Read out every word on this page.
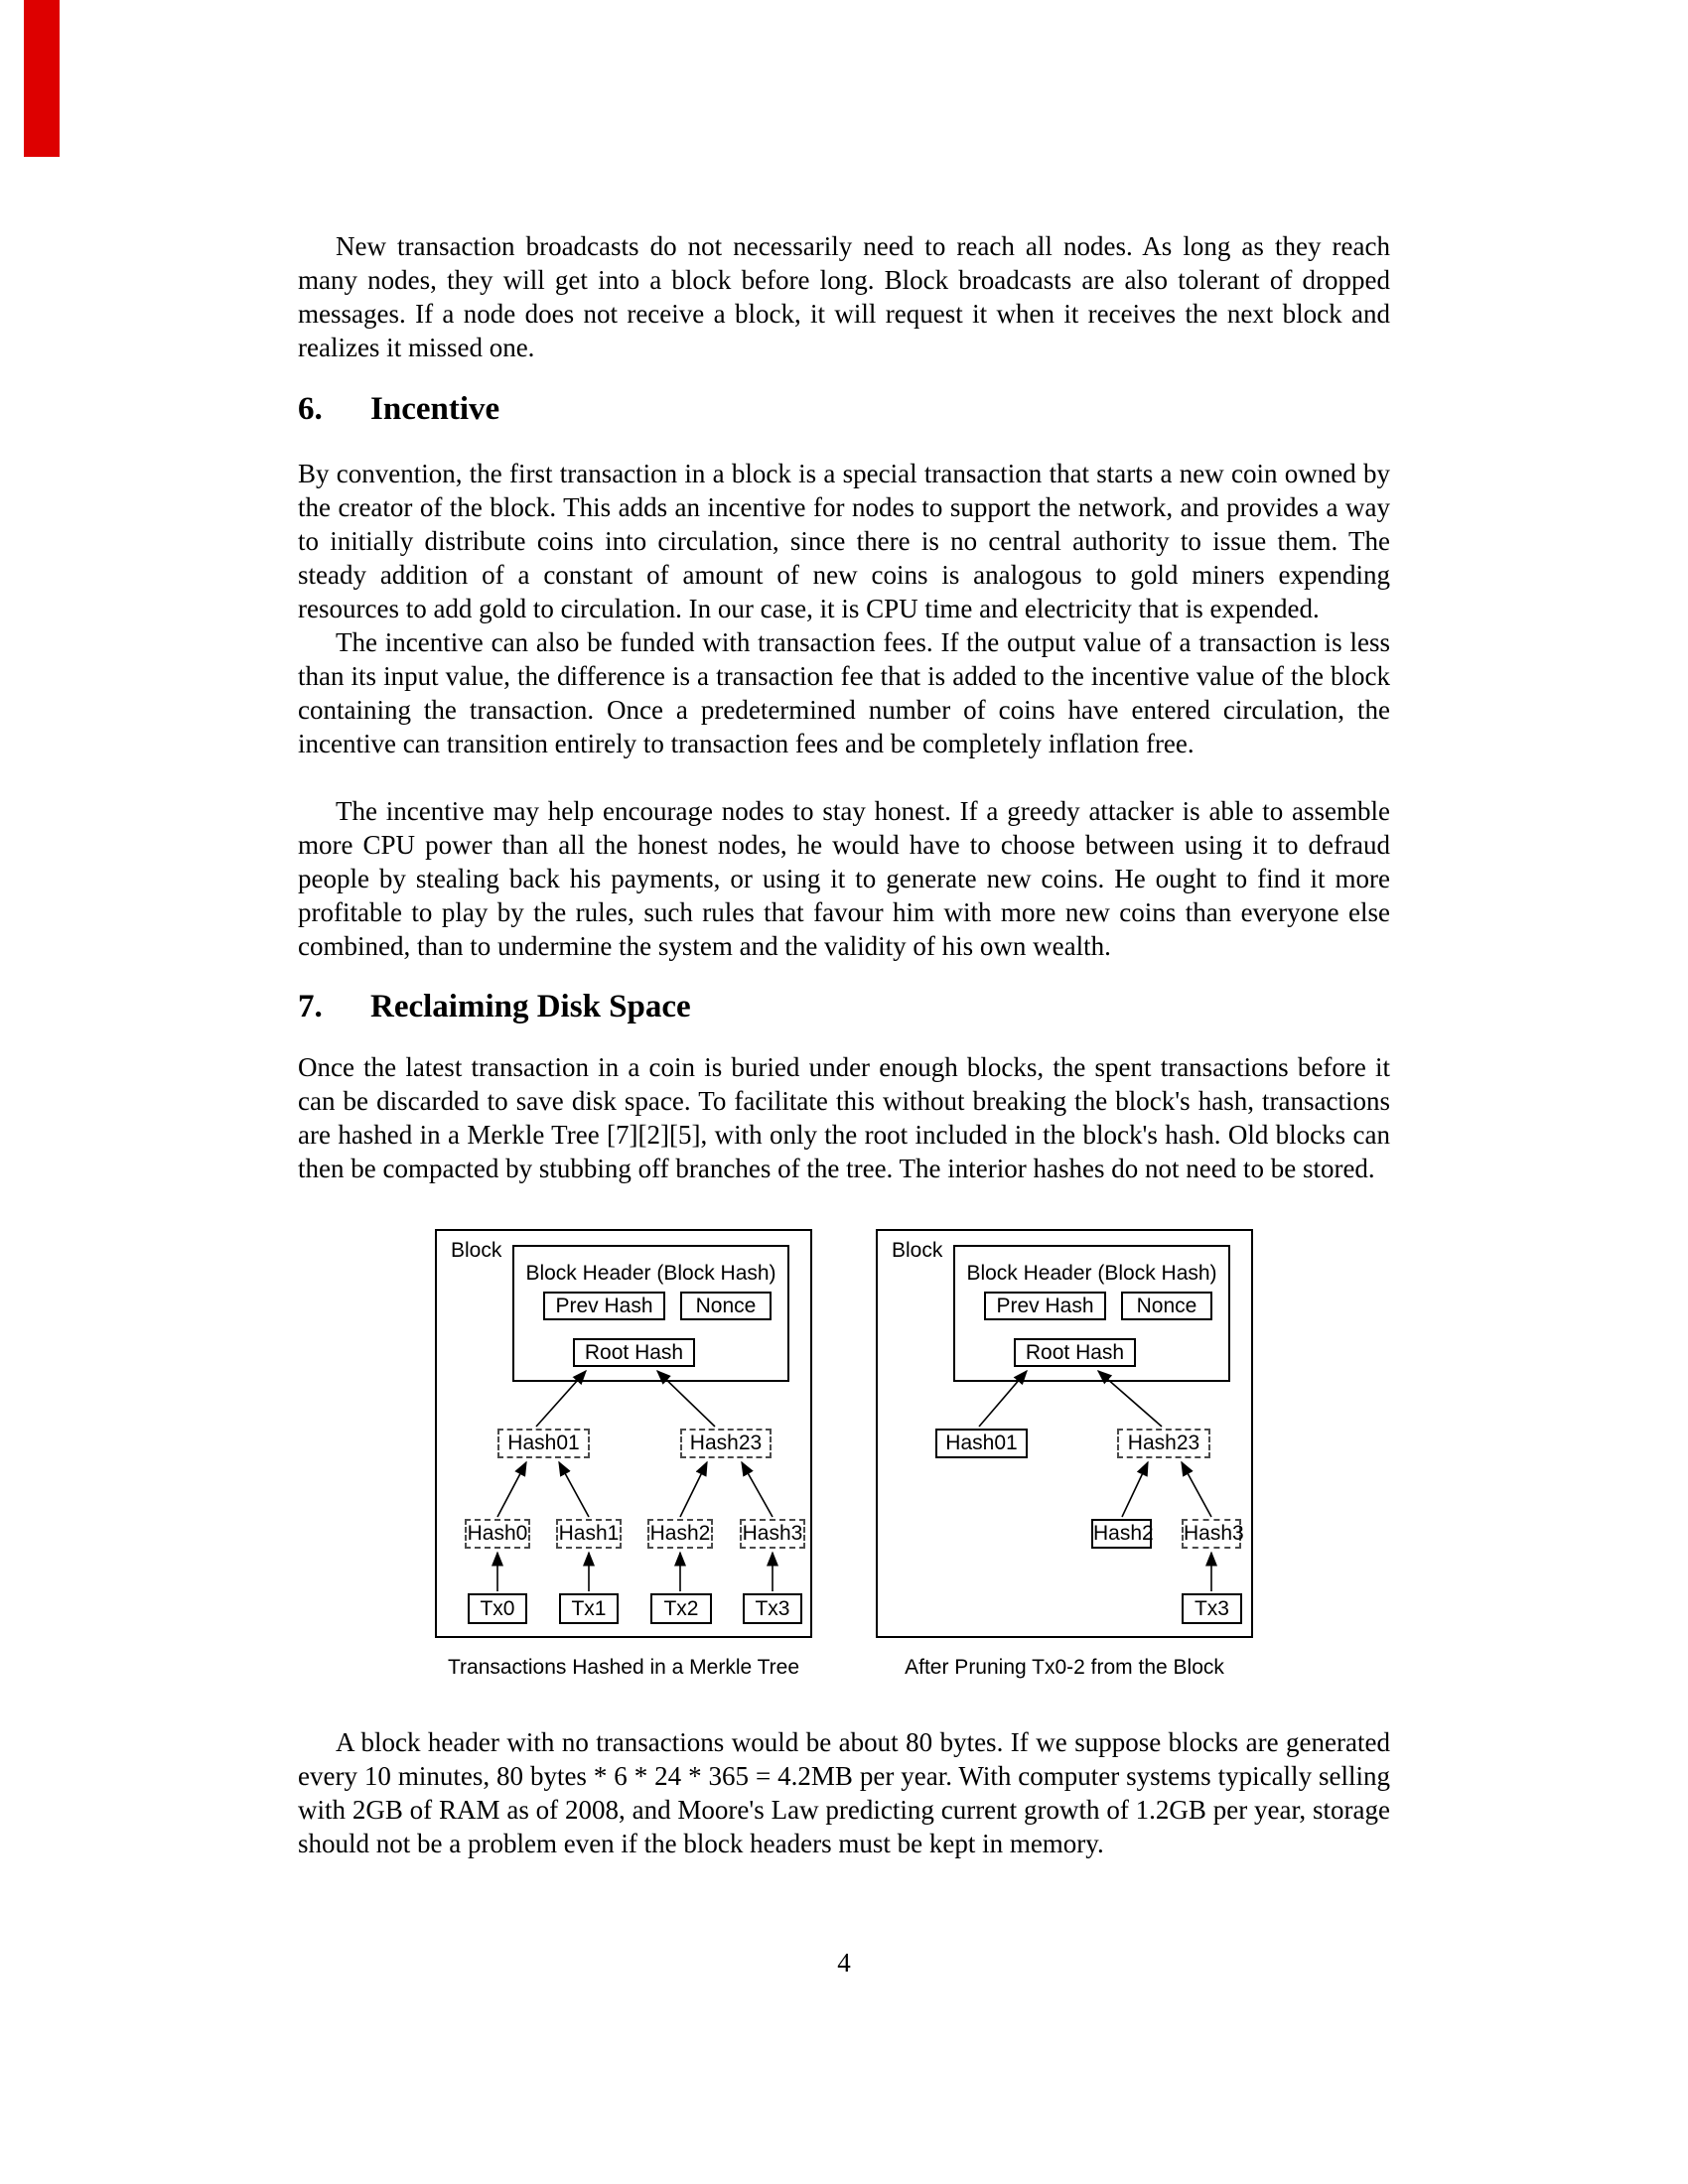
New transaction broadcasts do not necessarily need to reach all nodes. As long as they reach many nodes, they will get into a block before long. Block broadcasts are also tolerant of dropped messages. If a node does not receive a block, it will request it when it receives the next block and realizes it missed one.

6. Incentive

By convention, the first transaction in a block is a special transaction that starts a new coin owned by the creator of the block. This adds an incentive for nodes to support the network, and provides a way to initially distribute coins into circulation, since there is no central authority to issue them. The steady addition of a constant of amount of new coins is analogous to gold miners expending resources to add gold to circulation. In our case, it is CPU time and electricity that is expended.

The incentive can also be funded with transaction fees. If the output value of a transaction is less than its input value, the difference is a transaction fee that is added to the incentive value of the block containing the transaction. Once a predetermined number of coins have entered circulation, the incentive can transition entirely to transaction fees and be completely inflation free.

The incentive may help encourage nodes to stay honest. If a greedy attacker is able to assemble more CPU power than all the honest nodes, he would have to choose between using it to defraud people by stealing back his payments, or using it to generate new coins. He ought to find it more profitable to play by the rules, such rules that favour him with more new coins than everyone else combined, than to undermine the system and the validity of his own wealth.

7. Reclaiming Disk Space

Once the latest transaction in a coin is buried under enough blocks, the spent transactions before it can be discarded to save disk space. To facilitate this without breaking the block's hash, transactions are hashed in a Merkle Tree [7][2][5], with only the root included in the block's hash. Old blocks can then be compacted by stubbing off branches of the tree. The interior hashes do not need to be stored.

Block
Block Header (Block Hash)
Prev Hash	Nonce
Root Hash
Hash01	Hash23
Hash0 Hash1 Hash2 Hash3
Tx0	Tx1	Tx2	Tx3
Block
Block Header (Block Hash)
Prev Hash	Nonce
Root Hash
Hash01	Hash23
Hash2 Hash3
Tx3
Transactions Hashed in a Merkle Tree	After Pruning Tx0-2 from the Block

A block header with no transactions would be about 80 bytes. If we suppose blocks are generated every 10 minutes, 80 bytes * 6 * 24 * 365 = 4.2MB per year. With computer systems typically selling with 2GB of RAM as of 2008, and Moore's Law predicting current growth of 1.2GB per year, storage should not be a problem even if the block headers must be kept in memory.

4
